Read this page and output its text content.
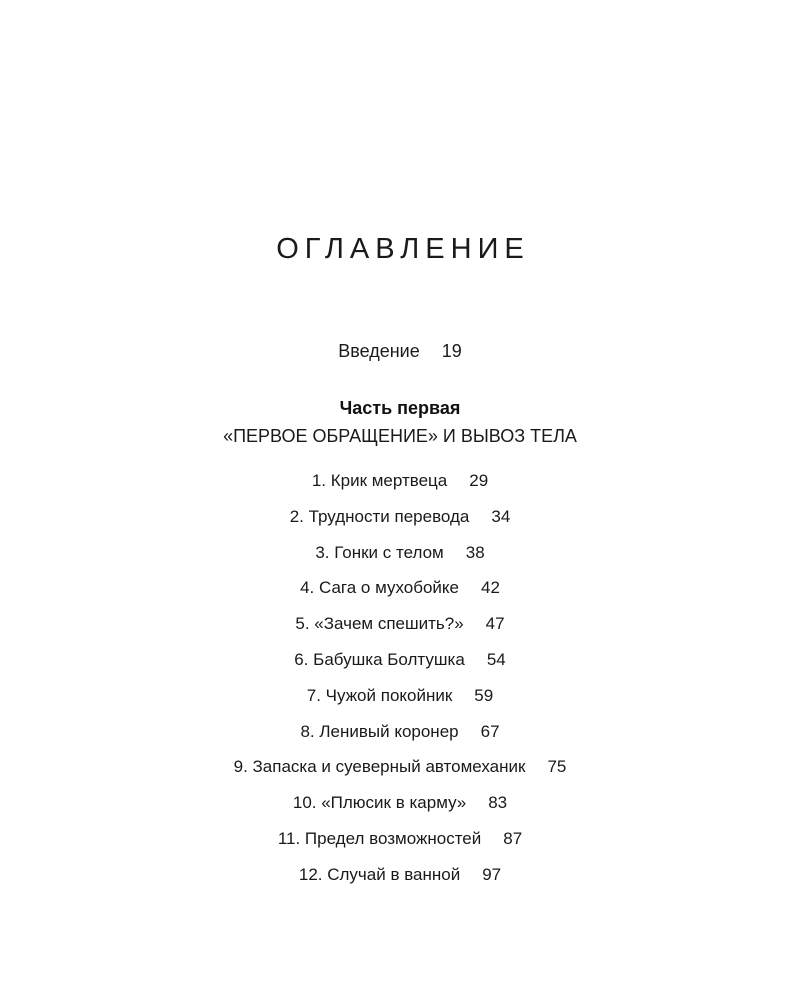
ОГЛАВЛЕНИЕ
Введение 19
Часть первая
«ПЕРВОЕ ОБРАЩЕНИЕ» И ВЫВОЗ ТЕЛА
1. Крик мертвеца 29
2. Трудности перевода 34
3. Гонки с телом 38
4. Сага о мухобойке 42
5. «Зачем спешить?» 47
6. Бабушка Болтушка 54
7. Чужой покойник 59
8. Ленивый коронер 67
9. Запаска и суеверный автомеханик 75
10. «Плюсик в карму» 83
11. Предел возможностей 87
12. Случай в ванной 97
